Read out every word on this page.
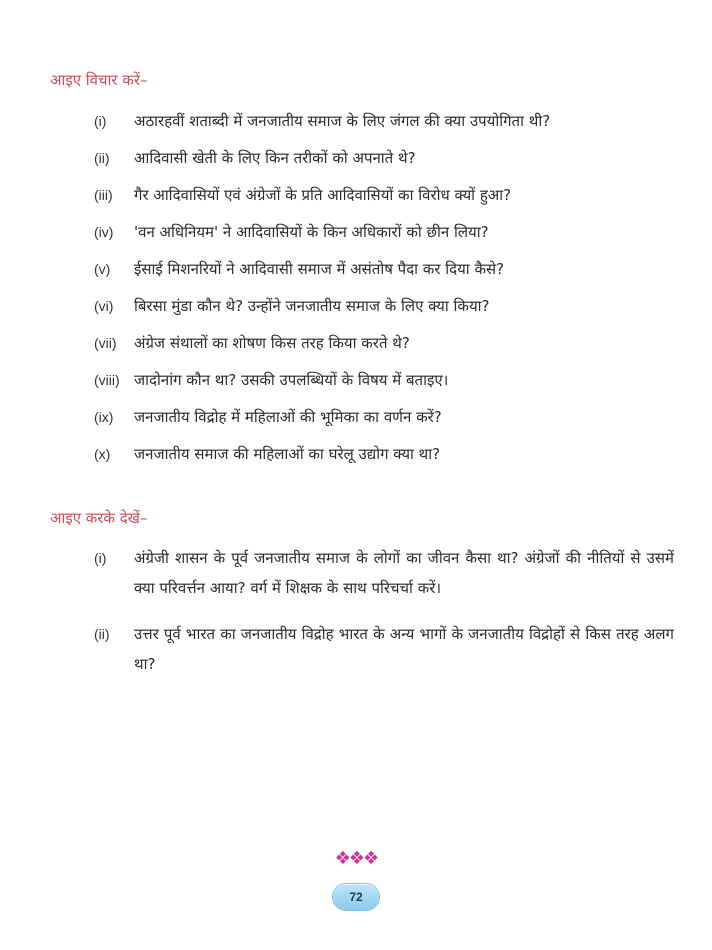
आइए विचार करें–
(i)	अठारहवीं शताब्दी में जनजातीय समाज के लिए जंगल की क्या उपयोगिता थी?
(ii)	आदिवासी खेती के लिए किन तरीकों को अपनाते थे?
(iii)	गैर आदिवासियों एवं अंग्रेजों के प्रति आदिवासियों का विरोध क्यों हुआ?
(iv)	'वन अधिनियम' ने आदिवासियों के किन अधिकारों को छीन लिया?
(v)	ईसाई मिशनरियों ने आदिवासी समाज में असंतोष पैदा कर दिया कैसे?
(vi)	बिरसा मुंडा कौन थे? उन्होंने जनजातीय समाज के लिए क्या किया?
(vii)	अंग्रेज संथालों का शोषण किस तरह किया करते थे?
(viii) जादोनांग कौन था? उसकी उपलब्धियों के विषय में बताइए।
(ix)	जनजातीय विद्रोह में महिलाओं की भूमिका का वर्णन करें?
(x)	जनजातीय समाज की महिलाओं का घरेलू उद्योग क्या था?
आइए करके देखें–
(i)	अंग्रेजी शासन के पूर्व जनजातीय समाज के लोगों का जीवन कैसा था? अंग्रेजों की नीतियों से उसमें क्या परिवर्त्तन आया? वर्ग में शिक्षक के साथ परिचर्चा करें।
(ii)	उत्तर पूर्व भारत का जनजातीय विद्रोह भारत के अन्य भागों के जनजातीय विद्रोहों से किस तरह अलग था?
❖❖❖
72
